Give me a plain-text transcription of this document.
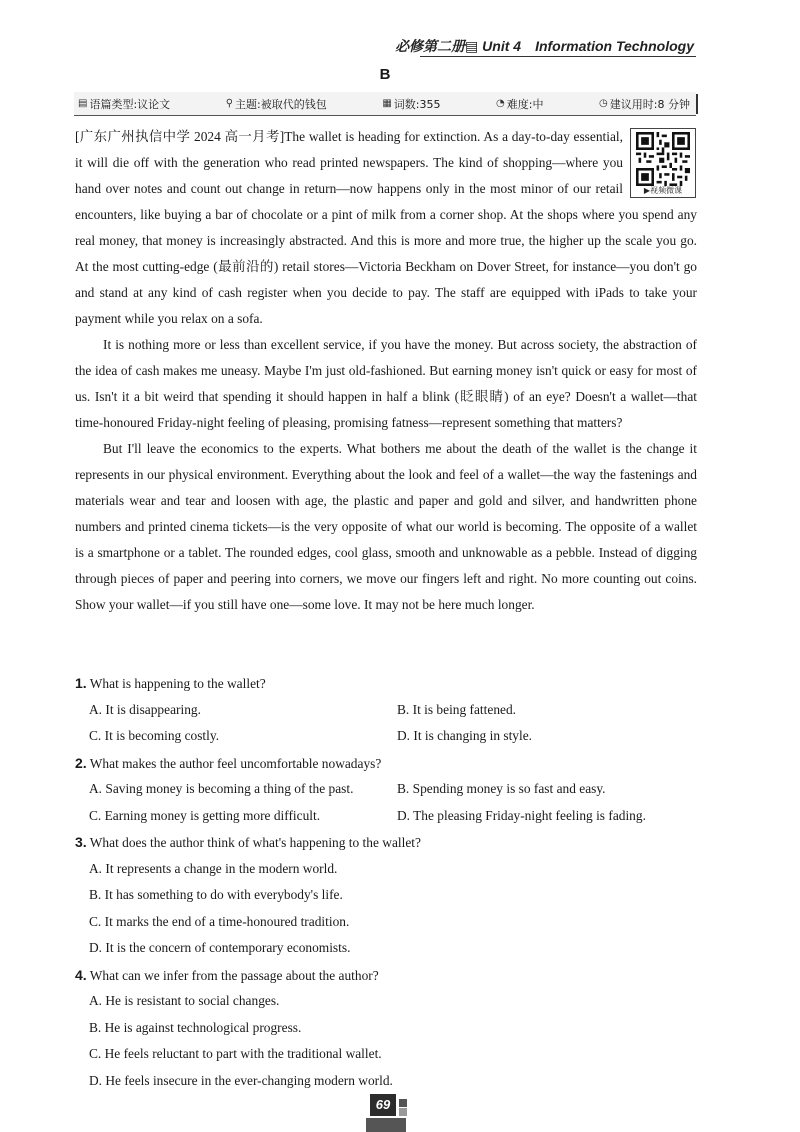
必修第二册▤ Unit 4　Information Technology
B
▤ 语篇类型:议论文	⚲ 主题:被取代的钱包	▦ 词数:355	◔ 难度:中	◷ 建议用时:8 分钟
▶视频微课

[广东广州执信中学 2024 高一月考]The wallet is heading for extinction. As a day-to-day essential, it will die off with the generation who read printed newspapers. The kind of shopping—where you hand over notes and count out change in return—now happens only in the most minor of our retail encounters, like buying a bar of chocolate or a pint of milk from a corner shop. At the shops where you spend any real money, that money is increasingly abstracted. And this is more and more true, the higher up the scale you go. At the most cutting-edge (最前沿的) retail stores—Victoria Beckham on Dover Street, for instance—you don't go and stand at any kind of cash register when you decide to pay. The staff are equipped with iPads to take your payment while you relax on a sofa.

It is nothing more or less than excellent service, if you have the money. But across society, the abstraction of the idea of cash makes me uneasy. Maybe I'm just old-fashioned. But earning money isn't quick or easy for most of us. Isn't it a bit weird that spending it should happen in half a blink (眨眼睛) of an eye? Doesn't a wallet—that time-honoured Friday-night feeling of pleasing, promising fatness—represent something that matters?

But I'll leave the economics to the experts. What bothers me about the death of the wallet is the change it represents in our physical environment. Everything about the look and feel of a wallet—the way the fastenings and materials wear and tear and loosen with age, the plastic and paper and gold and silver, and handwritten phone numbers and printed cinema tickets—is the very opposite of what our world is becoming. The opposite of a wallet is a smartphone or a tablet. The rounded edges, cool glass, smooth and unknowable as a pebble. Instead of digging through pieces of paper and peering into corners, we move our fingers left and right. No more counting out coins. Show your wallet—if you still have one—some love. It may not be here much longer.

1. What is happening to the wallet?
A. It is disappearing.	B. It is being fattened.
C. It is becoming costly.	D. It is changing in style.
2. What makes the author feel uncomfortable nowadays?
A. Saving money is becoming a thing of the past.	B. Spending money is so fast and easy.
C. Earning money is getting more difficult.	D. The pleasing Friday-night feeling is fading.
3. What does the author think of what's happening to the wallet?
A. It represents a change in the modern world.
B. It has something to do with everybody's life.
C. It marks the end of a time-honoured tradition.
D. It is the concern of contemporary economists.
4. What can we infer from the passage about the author?
A. He is resistant to social changes.
B. He is against technological progress.
C. He feels reluctant to part with the traditional wallet.
D. He feels insecure in the ever-changing modern world.
69
